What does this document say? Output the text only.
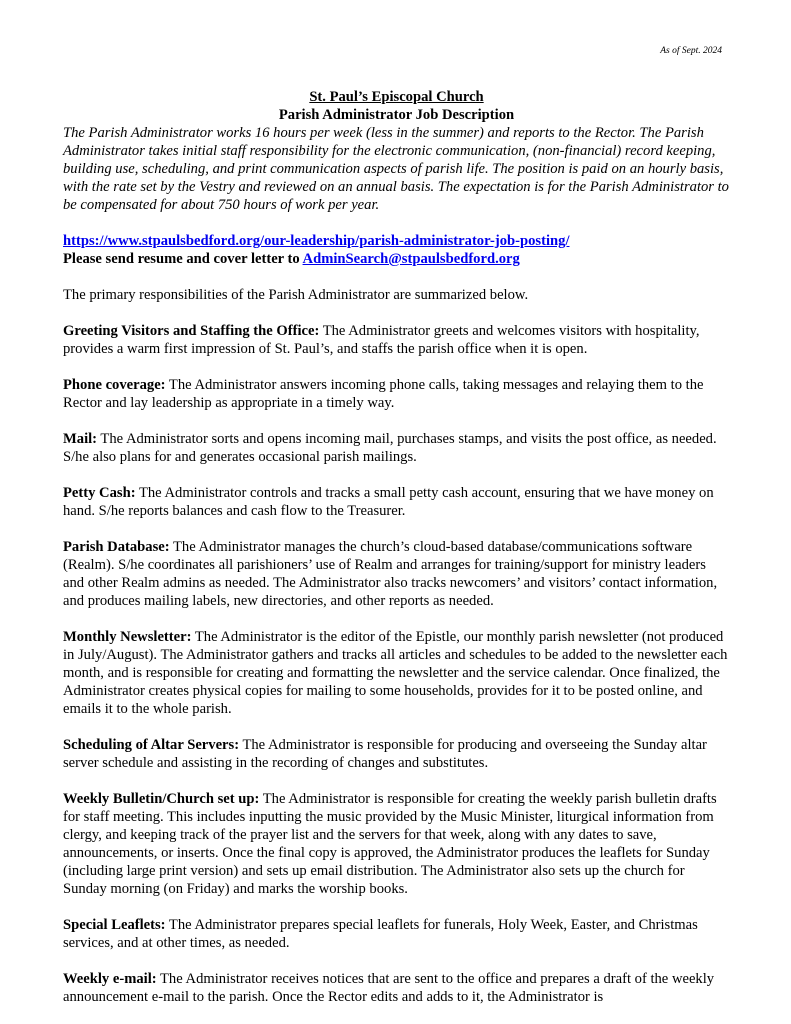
As of Sept. 2024
St. Paul’s Episcopal Church
Parish Administrator Job Description

The Parish Administrator works 16 hours per week (less in the summer) and reports to the Rector. The Parish Administrator takes initial staff responsibility for the electronic communication, (non-financial) record keeping, building use, scheduling, and print communication aspects of parish life. The position is paid on an hourly basis, with the rate set by the Vestry and reviewed on an annual basis. The expectation is for the Parish Administrator to be compensated for about 750 hours of work per year.

https://www.stpaulsbedford.org/our-leadership/parish-administrator-job-posting/

Please send resume and cover letter to AdminSearch@stpaulsbedford.org

The primary responsibilities of the Parish Administrator are summarized below.

Greeting Visitors and Staffing the Office: The Administrator greets and welcomes visitors with hospitality, provides a warm first impression of St. Paul’s, and staffs the parish office when it is open.

Phone coverage: The Administrator answers incoming phone calls, taking messages and relaying them to the Rector and lay leadership as appropriate in a timely way.

Mail: The Administrator sorts and opens incoming mail, purchases stamps, and visits the post office, as needed. S/he also plans for and generates occasional parish mailings.

Petty Cash: The Administrator controls and tracks a small petty cash account, ensuring that we have money on hand. S/he reports balances and cash flow to the Treasurer.

Parish Database: The Administrator manages the church’s cloud-based database/communications software (Realm). S/he coordinates all parishioners’ use of Realm and arranges for training/support for ministry leaders and other Realm admins as needed. The Administrator also tracks newcomers’ and visitors’ contact information, and produces mailing labels, new directories, and other reports as needed.

Monthly Newsletter: The Administrator is the editor of the Epistle, our monthly parish newsletter (not produced in July/August). The Administrator gathers and tracks all articles and schedules to be added to the newsletter each month, and is responsible for creating and formatting the newsletter and the service calendar. Once finalized, the Administrator creates physical copies for mailing to some households, provides for it to be posted online, and emails it to the whole parish.

Scheduling of Altar Servers: The Administrator is responsible for producing and overseeing the Sunday altar server schedule and assisting in the recording of changes and substitutes.

Weekly Bulletin/Church set up: The Administrator is responsible for creating the weekly parish bulletin drafts for staff meeting. This includes inputting the music provided by the Music Minister, liturgical information from clergy, and keeping track of the prayer list and the servers for that week, along with any dates to save, announcements, or inserts. Once the final copy is approved, the Administrator produces the leaflets for Sunday (including large print version) and sets up email distribution. The Administrator also sets up the church for Sunday morning (on Friday) and marks the worship books.

Special Leaflets: The Administrator prepares special leaflets for funerals, Holy Week, Easter, and Christmas services, and at other times, as needed.

Weekly e-mail: The Administrator receives notices that are sent to the office and prepares a draft of the weekly announcement e-mail to the parish. Once the Rector edits and adds to it, the Administrator is
